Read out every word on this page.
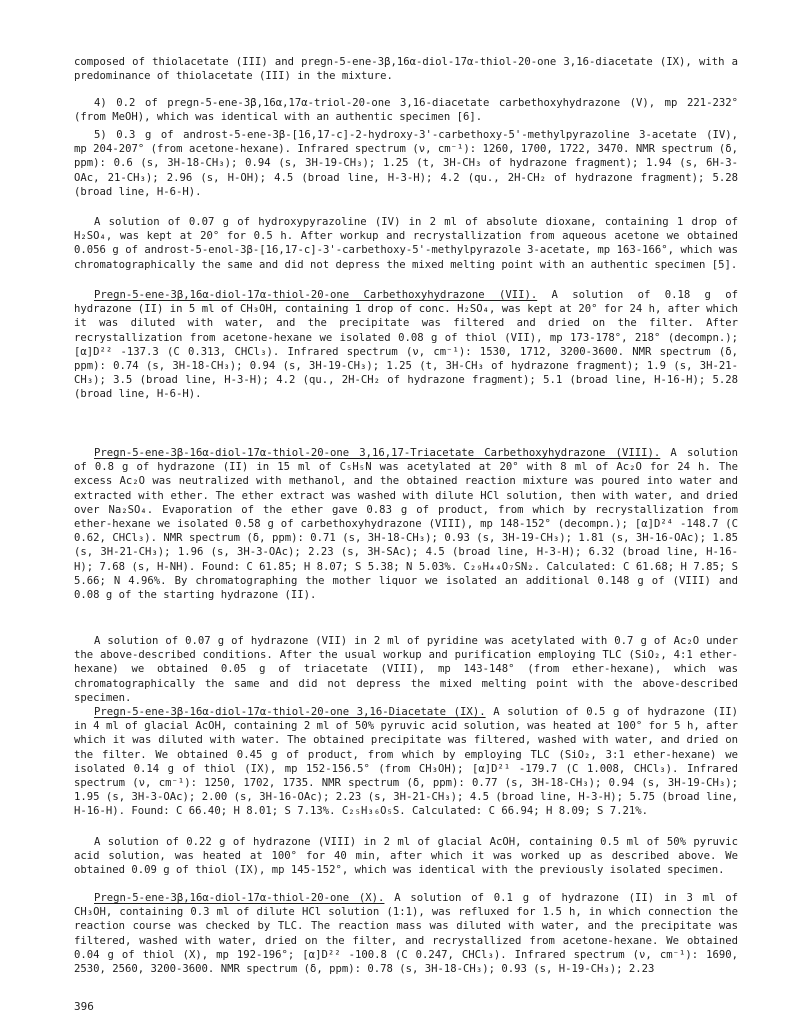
composed of thiolacetate (III) and pregn-5-ene-3β,16α-diol-17α-thiol-20-one 3,16-diacetate (IX), with a predominance of thiolacetate (III) in the mixture.

4) 0.2 of pregn-5-ene-3β,16α,17α-triol-20-one 3,16-diacetate carbethoxyhydrazone (V), mp 221-232° (from MeOH), which was identical with an authentic specimen [6].

5) 0.3 g of androst-5-ene-3β-[16,17-c]-2-hydroxy-3'-carbethoxy-5'-methylpyrazoline 3-acetate (IV), mp 204-207° (from acetone-hexane). Infrared spectrum (ν, cm⁻¹): 1260, 1700, 1722, 3470. NMR spectrum (δ, ppm): 0.6 (s, 3H-18-CH₃); 0.94 (s, 3H-19-CH₃); 1.25 (t, 3H-CH₃ of hydrazone fragment); 1.94 (s, 6H-3-OAc, 21-CH₃); 2.96 (s, H-OH); 4.5 (broad line, H-3-H); 4.2 (qu., 2H-CH₂ of hydrazone fragment); 5.28 (broad line, H-6-H).

A solution of 0.07 g of hydroxypyrazoline (IV) in 2 ml of absolute dioxane, containing 1 drop of H₂SO₄, was kept at 20° for 0.5 h. After workup and recrystallization from aqueous acetone we obtained 0.056 g of androst-5-enol-3β-[16,17-c]-3'-carbethoxy-5'-methylpyrazole 3-acetate, mp 163-166°, which was chromatographically the same and did not depress the mixed melting point with an authentic specimen [5].

Pregn-5-ene-3β,16α-diol-17α-thiol-20-one Carbethoxyhydrazone (VII). A solution of 0.18 g of hydrazone (II) in 5 ml of CH₃OH, containing 1 drop of conc. H₂SO₄, was kept at 20° for 24 h, after which it was diluted with water, and the precipitate was filtered and dried on the filter. After recrystallization from acetone-hexane we isolated 0.08 g of thiol (VII), mp 173-178°, 218° (decompn.); [α]D²² -137.3 (C 0.313, CHCl₃). Infrared spectrum (ν, cm⁻¹): 1530, 1712, 3200-3600. NMR spectrum (δ, ppm): 0.74 (s, 3H-18-CH₃); 0.94 (s, 3H-19-CH₃); 1.25 (t, 3H-CH₃ of hydrazone fragment); 1.9 (s, 3H-21-CH₃); 3.5 (broad line, H-3-H); 4.2 (qu., 2H-CH₂ of hydrazone fragment); 5.1 (broad line, H-16-H); 5.28 (broad line, H-6-H).

Pregn-5-ene-3β-16α-diol-17α-thiol-20-one 3,16,17-Triacetate Carbethoxyhydrazone (VIII). A solution of 0.8 g of hydrazone (II) in 15 ml of C₅H₅N was acetylated at 20° with 8 ml of Ac₂O for 24 h. The excess Ac₂O was neutralized with methanol, and the obtained reaction mixture was poured into water and extracted with ether. The ether extract was washed with dilute HCl solution, then with water, and dried over Na₂SO₄. Evaporation of the ether gave 0.83 g of product, from which by recrystallization from ether-hexane we isolated 0.58 g of carbethoxyhydrazone (VIII), mp 148-152° (decompn.); [α]D²⁴ -148.7 (C 0.62, CHCl₃). NMR spectrum (δ, ppm): 0.71 (s, 3H-18-CH₃); 0.93 (s, 3H-19-CH₃); 1.81 (s, 3H-16-OAc); 1.85 (s, 3H-21-CH₃); 1.96 (s, 3H-3-OAc); 2.23 (s, 3H-SAc); 4.5 (broad line, H-3-H); 6.32 (broad line, H-16-H); 7.68 (s, H-NH). Found: C 61.85; H 8.07; S 5.38; N 5.03%. C₂₉H₄₄O₇SN₂. Calculated: C 61.68; H 7.85; S 5.66; N 4.96%. By chromatographing the mother liquor we isolated an additional 0.148 g of (VIII) and 0.08 g of the starting hydrazone (II).

A solution of 0.07 g of hydrazone (VII) in 2 ml of pyridine was acetylated with 0.7 g of Ac₂O under the above-described conditions. After the usual workup and purification employing TLC (SiO₂, 4:1 ether-hexane) we obtained 0.05 g of triacetate (VIII), mp 143-148° (from ether-hexane), which was chromatographically the same and did not depress the mixed melting point with the above-described specimen.

Pregn-5-ene-3β-16α-diol-17α-thiol-20-one 3,16-Diacetate (IX). A solution of 0.5 g of hydrazone (II) in 4 ml of glacial AcOH, containing 2 ml of 50% pyruvic acid solution, was heated at 100° for 5 h, after which it was diluted with water. The obtained precipitate was filtered, washed with water, and dried on the filter. We obtained 0.45 g of product, from which by employing TLC (SiO₂, 3:1 ether-hexane) we isolated 0.14 g of thiol (IX), mp 152-156.5° (from CH₃OH); [α]D²¹ -179.7 (C 1.008, CHCl₃). Infrared spectrum (ν, cm⁻¹): 1250, 1702, 1735. NMR spectrum (δ, ppm): 0.77 (s, 3H-18-CH₃); 0.94 (s, 3H-19-CH₃); 1.95 (s, 3H-3-OAc); 2.00 (s, 3H-16-OAc); 2.23 (s, 3H-21-CH₃); 4.5 (broad line, H-3-H); 5.75 (broad line, H-16-H). Found: C 66.40; H 8.01; S 7.13%. C₂₅H₃₆O₅S. Calculated: C 66.94; H 8.09; S 7.21%.

A solution of 0.22 g of hydrazone (VIII) in 2 ml of glacial AcOH, containing 0.5 ml of 50% pyruvic acid solution, was heated at 100° for 40 min, after which it was worked up as described above. We obtained 0.09 g of thiol (IX), mp 145-152°, which was identical with the previously isolated specimen.

Pregn-5-ene-3β,16α-diol-17α-thiol-20-one (X). A solution of 0.1 g of hydrazone (II) in 3 ml of CH₃OH, containing 0.3 ml of dilute HCl solution (1:1), was refluxed for 1.5 h, in which connection the reaction course was checked by TLC. The reaction mass was diluted with water, and the precipitate was filtered, washed with water, dried on the filter, and recrystallized from acetone-hexane. We obtained 0.04 g of thiol (X), mp 192-196°; [α]D²² -100.8 (C 0.247, CHCl₃). Infrared spectrum (ν, cm⁻¹): 1690, 2530, 2560, 3200-3600. NMR spectrum (δ, ppm): 0.78 (s, 3H-18-CH₃); 0.93 (s, H-19-CH₃); 2.23

396
